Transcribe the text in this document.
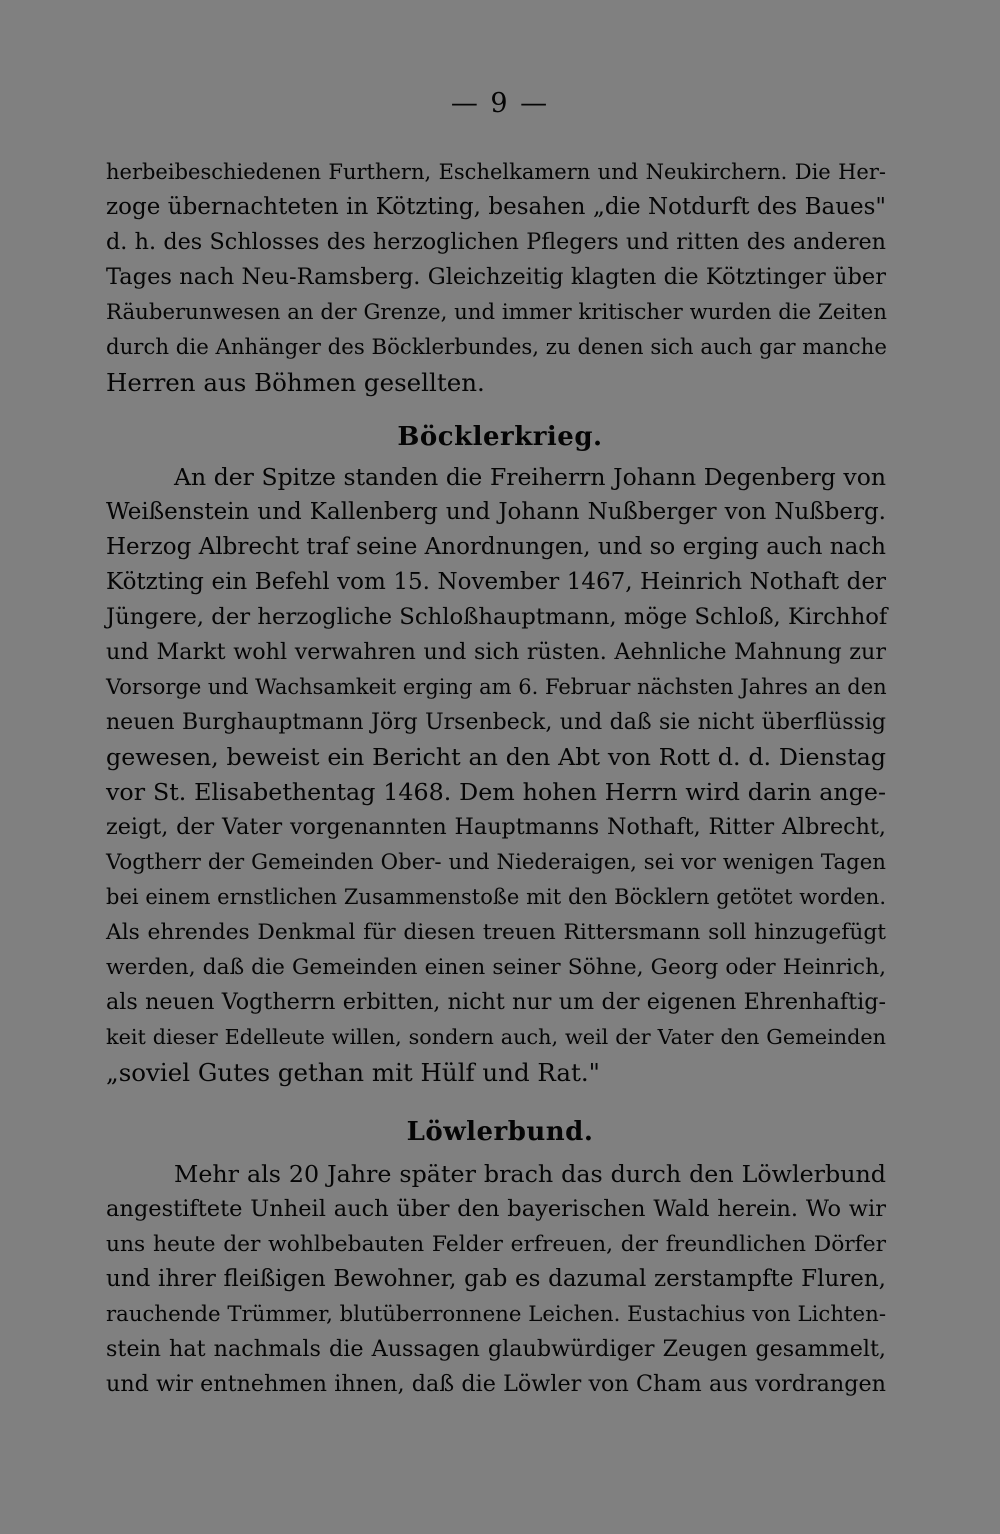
— 9 —
herbeibeschiedenen Furthern, Eschelkamern und Neukirchern. Die Her-
zoge übernachteten in Kötzting, besahen „die Notdurft des Baues"
d. h. des Schlosses des herzoglichen Pflegers und ritten des anderen
Tages nach Neu-Ramsberg. Gleichzeitig klagten die Kötztinger über
Räuberunwesen an der Grenze, und immer kritischer wurden die Zeiten
durch die Anhänger des Böcklerbundes, zu denen sich auch gar manche
Herren aus Böhmen gesellten.
Böcklerkrieg.
An der Spitze standen die Freiherrn Johann Degenberg von
Weißenstein und Kallenberg und Johann Nußberger von Nußberg.
Herzog Albrecht traf seine Anordnungen, und so erging auch nach
Kötzting ein Befehl vom 15. November 1467, Heinrich Nothaft der
Jüngere, der herzogliche Schloßhauptmann, möge Schloß, Kirchhof
und Markt wohl verwahren und sich rüsten. Aehnliche Mahnung zur
Vorsorge und Wachsamkeit erging am 6. Februar nächsten Jahres an den
neuen Burghauptmann Jörg Ursenbeck, und daß sie nicht überflüssig
gewesen, beweist ein Bericht an den Abt von Rott d. d. Dienstag
vor St. Elisabethentag 1468. Dem hohen Herrn wird darin ange-
zeigt, der Vater vorgenannten Hauptmanns Nothaft, Ritter Albrecht,
Vogtherr der Gemeinden Ober- und Niederaigen, sei vor wenigen Tagen
bei einem ernstlichen Zusammenstoße mit den Böcklern getötet worden.
Als ehrendes Denkmal für diesen treuen Rittersmann soll hinzugefügt
werden, daß die Gemeinden einen seiner Söhne, Georg oder Heinrich,
als neuen Vogtherrn erbitten, nicht nur um der eigenen Ehrenhaftig-
keit dieser Edelleute willen, sondern auch, weil der Vater den Gemeinden
„soviel Gutes gethan mit Hülf und Rat."
Löwlerbund.
Mehr als 20 Jahre später brach das durch den Löwlerbund
angestiftete Unheil auch über den bayerischen Wald herein. Wo wir
uns heute der wohlbebauten Felder erfreuen, der freundlichen Dörfer
und ihrer fleißigen Bewohner, gab es dazumal zerstampfte Fluren,
rauchende Trümmer, blutüberronnene Leichen. Eustachius von Lichten-
stein hat nachmals die Aussagen glaubwürdiger Zeugen gesammelt,
und wir entnehmen ihnen, daß die Löwler von Cham aus vordrangen
